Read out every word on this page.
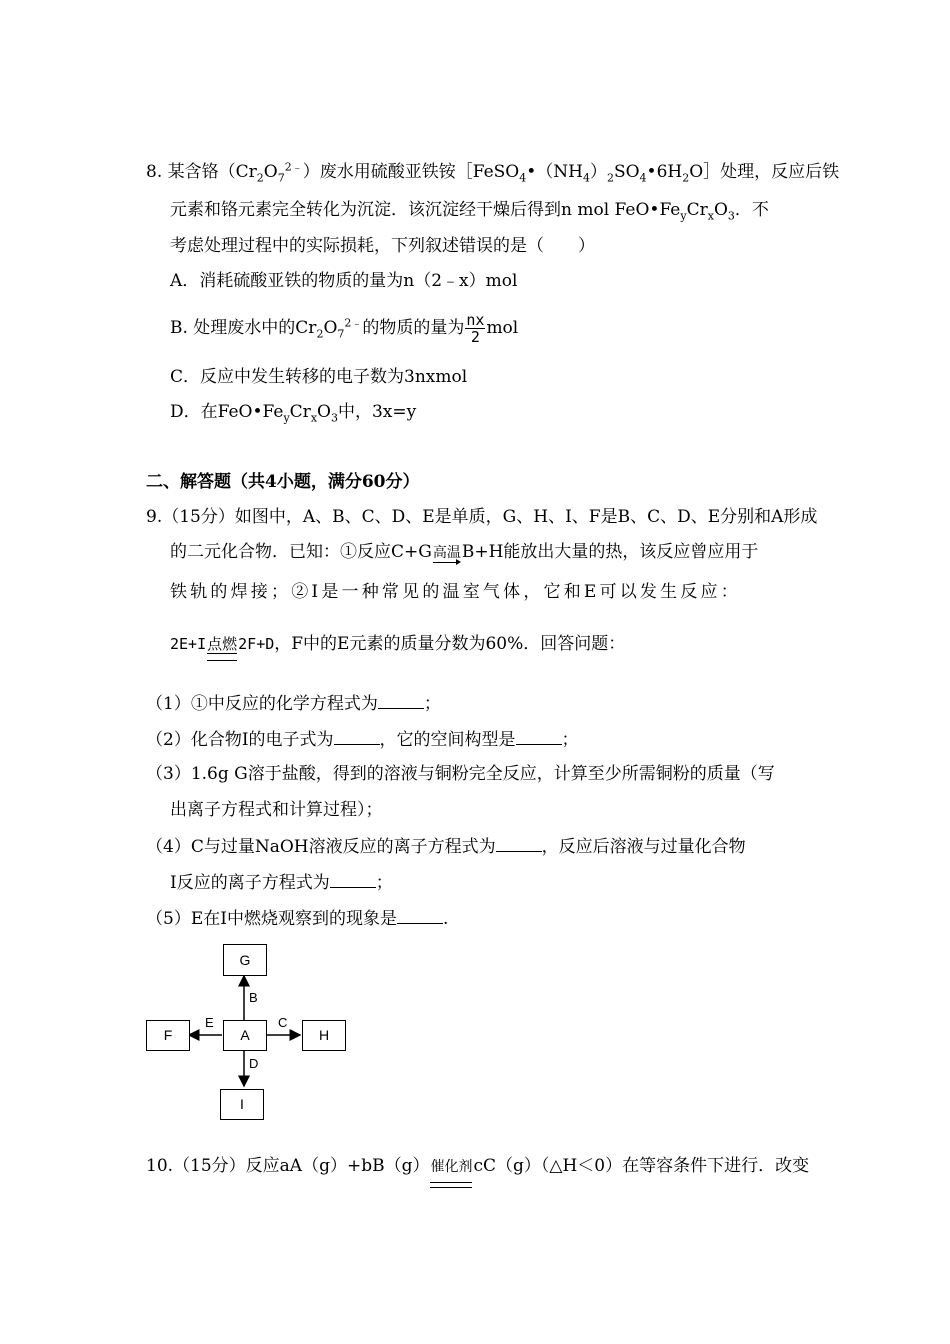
8. 某含铬$(Cr_2O_7^{2﹣})$废水用硫酸亚铁铵$[FeSO_4•(NH_4)_2SO_4•6H_2O]$处理，反应后铁
元素和铬元素完全转化为沉淀．该沉淀经干燥后得到n mol $FeO•Fe_yCr_xO_3$．不
考虑处理过程中的实际损耗，下列叙述错误的是（　　）
A．消耗硫酸亚铁的物质的量为n（2﹣x）mol
B. 处理废水中的$Cr_2O_7^{2﹣}$的物质的量为 $\frac{nx}{2}$ mol
C．反应中发生转移的电子数为3nxmol
D．在$FeO•Fe_yCr_xO_3$中，3x=y
二、解答题（共4小题，满分60分）
9.（15分）如图中，A、B、C、D、E是单质，G、H、I、F是B、C、D、E分别和A形成
的二元化合物．已知：①反应C+G 高温 B+H能放出大量的热，该反应曾应用于
铁轨的焊接；②I是一种常见的温室气体，它和E可以发生反应：
2E+I 点燃 2F+D，F中的E元素的质量分数为60%．回答问题：
（1）①中反应的化学方程式为	；
（2）化合物Ⅰ的电子式为	，它的空间构型是	；
（3）1.6g G溶于盐酸，得到的溶液与铜粉完全反应，计算至少所需铜粉的质量（写
出离子方程式和计算过程）；
（4）C与过量NaOH溶液反应的离子方程式为	，反应后溶液与过量化合物
Ⅰ反应的离子方程式为	；
（5）E在I中燃烧观察到的现象是	.
G
A
F	H
I
B
E	C
D
10.（15分）反应aA（g）+bB（g） 催化剂 cC（g）（△H＜0）在等容条件下进行．改变
